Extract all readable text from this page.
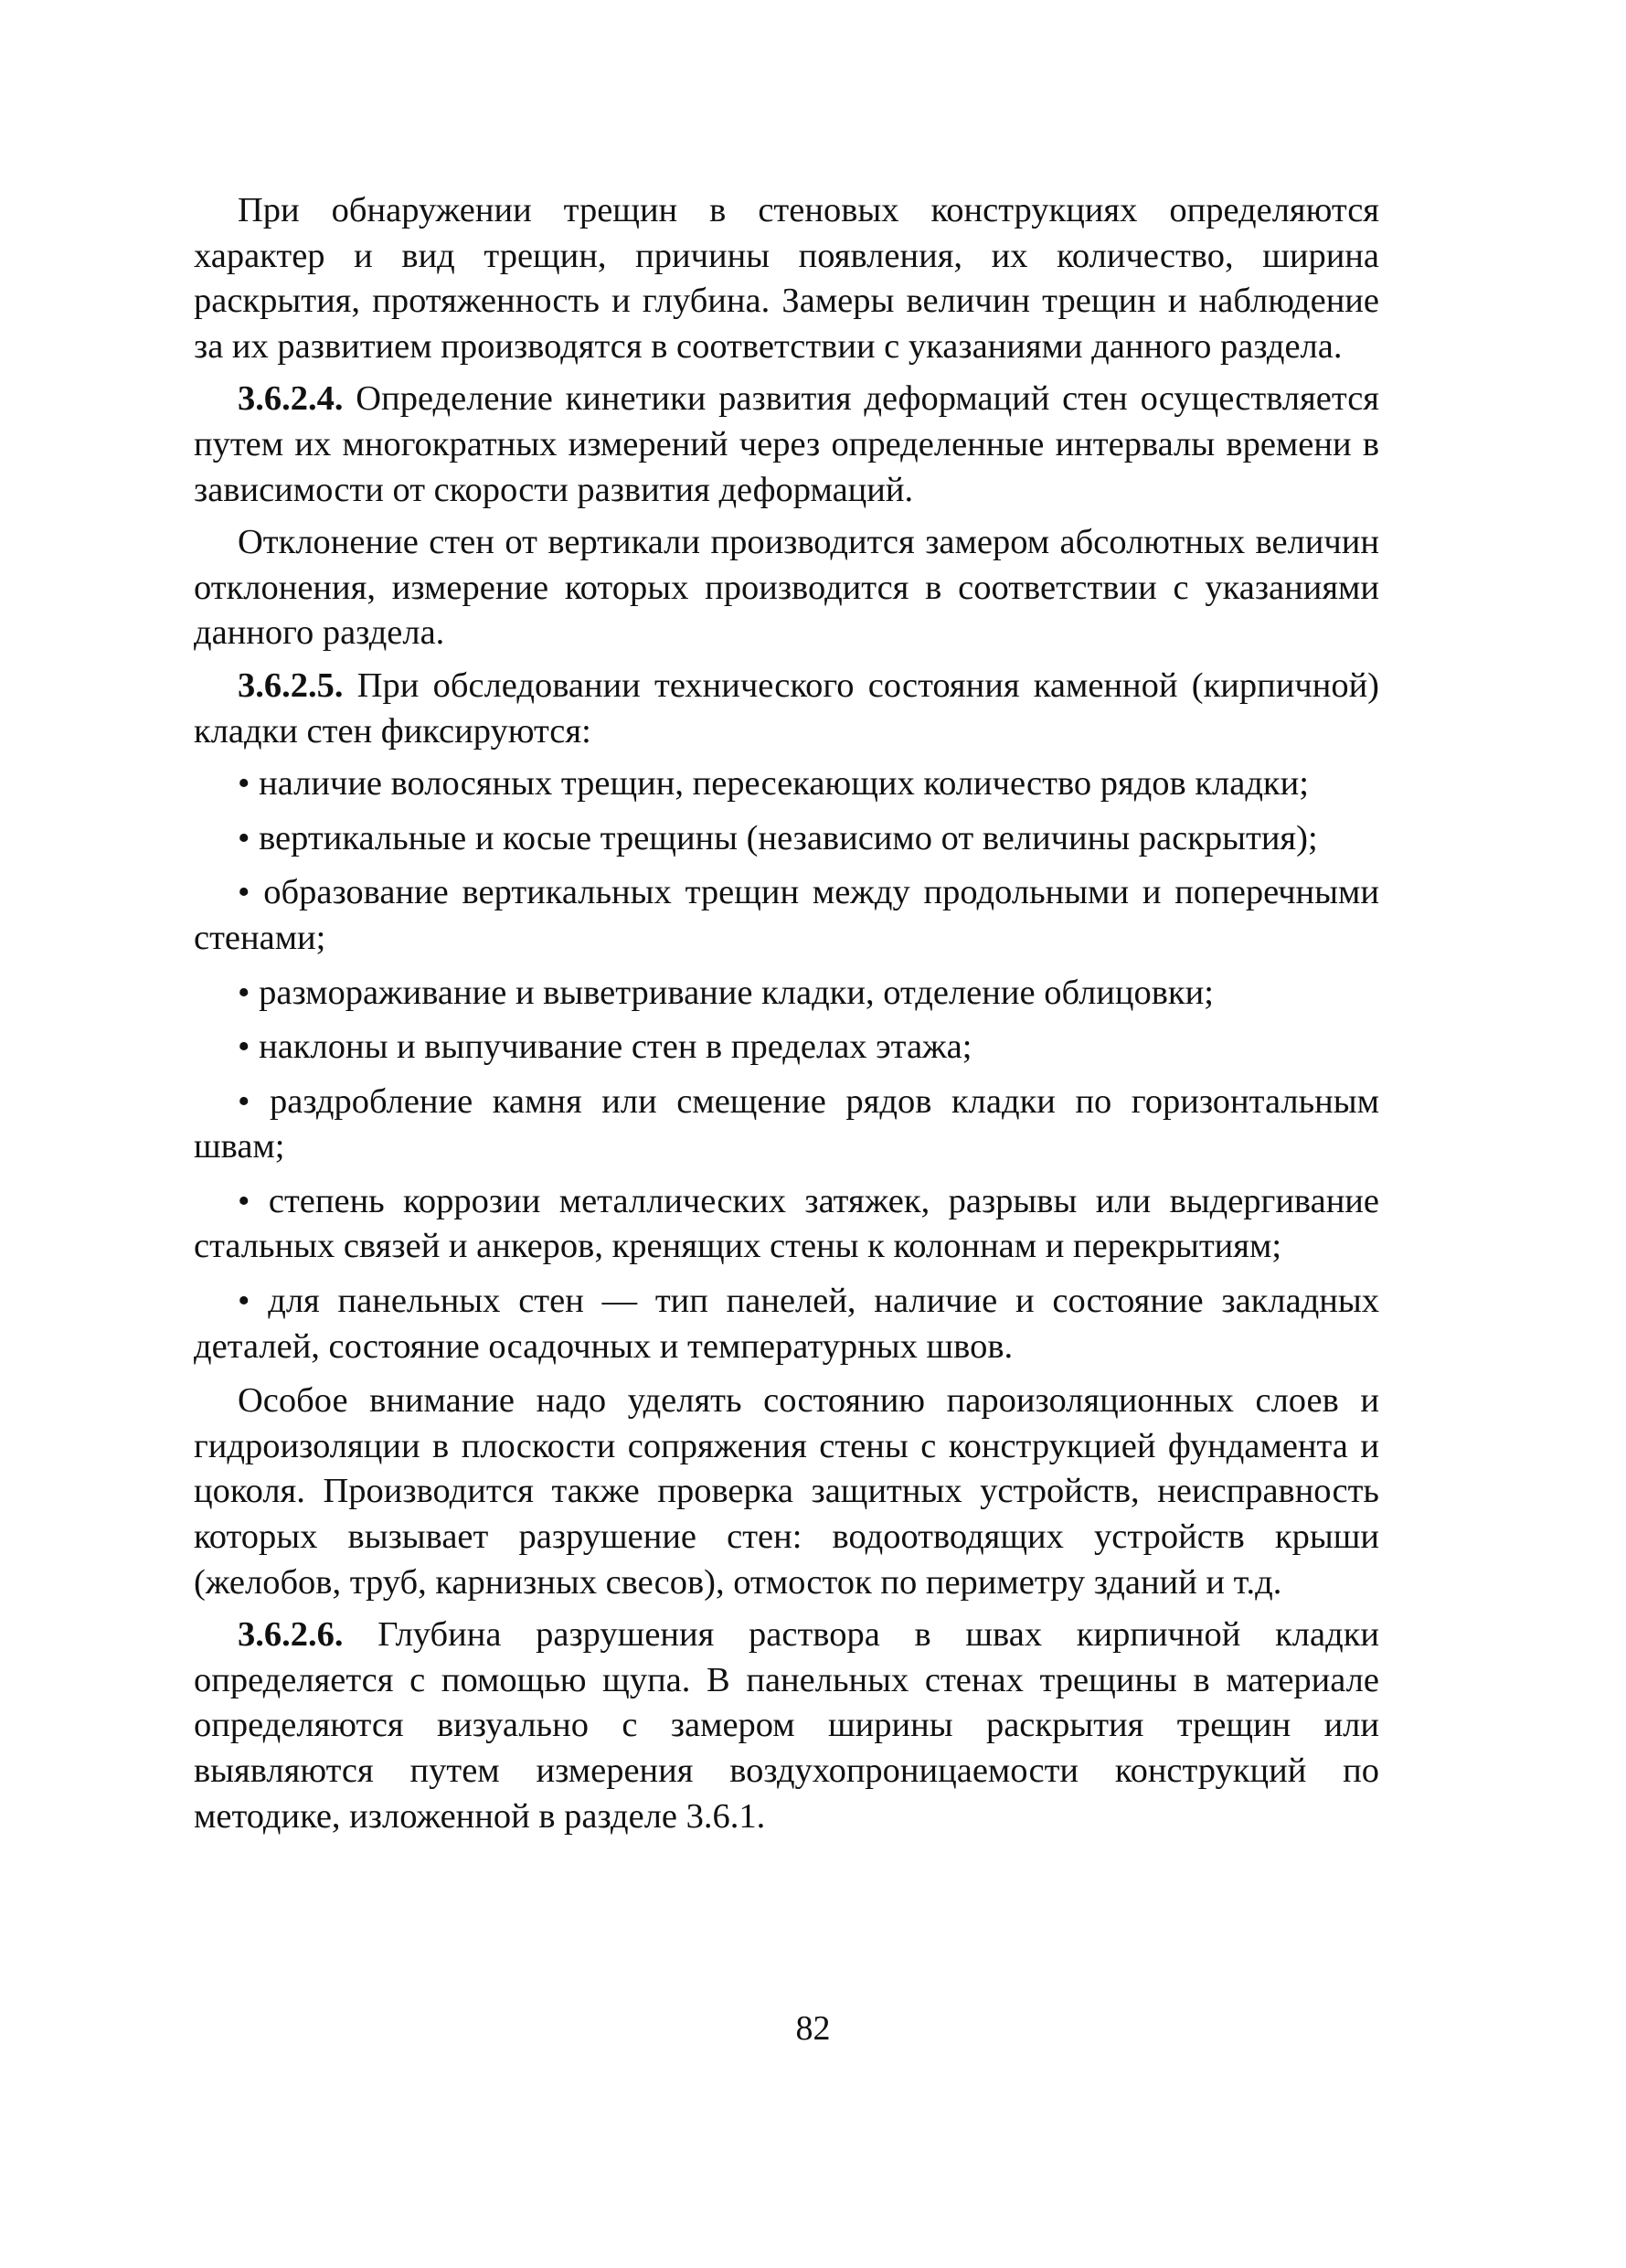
При обнаружении трещин в стеновых конструкциях определяются характер и вид трещин, причины появления, их количество, ширина раскрытия, протяженность и глубина. Замеры величин трещин и наблюдение за их развитием производятся в соответствии с указаниями данного раздела.

3.6.2.4. Определение кинетики развития деформаций стен осуществляется путем их многократных измерений через определенные интервалы времени в зависимости от скорости развития деформаций.

Отклонение стен от вертикали производится замером абсолютных величин отклонения, измерение которых производится в соответствии с указаниями данного раздела.

3.6.2.5. При обследовании технического состояния каменной (кирпичной) кладки стен фиксируются:

• наличие волосяных трещин, пересекающих количество рядов кладки;

• вертикальные и косые трещины (независимо от величины раскрытия);

• образование вертикальных трещин между продольными и поперечными стенами;

• размораживание и выветривание кладки, отделение облицовки;

• наклоны и выпучивание стен в пределах этажа;

• раздробление камня или смещение рядов кладки по горизонтальным швам;

• степень коррозии металлических затяжек, разрывы или выдергивание стальных связей и анкеров, кренящих стены к колоннам и перекрытиям;

• для панельных стен — тип панелей, наличие и состояние закладных деталей, состояние осадочных и температурных швов.

Особое внимание надо уделять состоянию пароизоляционных слоев и гидроизоляции в плоскости сопряжения стены с конструкцией фундамента и цоколя. Производится также проверка защитных устройств, неисправность которых вызывает разрушение стен: водоотводящих устройств крыши (желобов, труб, карнизных свесов), отмосток по периметру зданий и т.д.

3.6.2.6. Глубина разрушения раствора в швах кирпичной кладки определяется с помощью щупа. В панельных стенах трещины в материале определяются визуально с замером ширины раскрытия трещин или выявляются путем измерения воздухопроницаемости конструкций по методике, изложенной в разделе 3.6.1.

82
